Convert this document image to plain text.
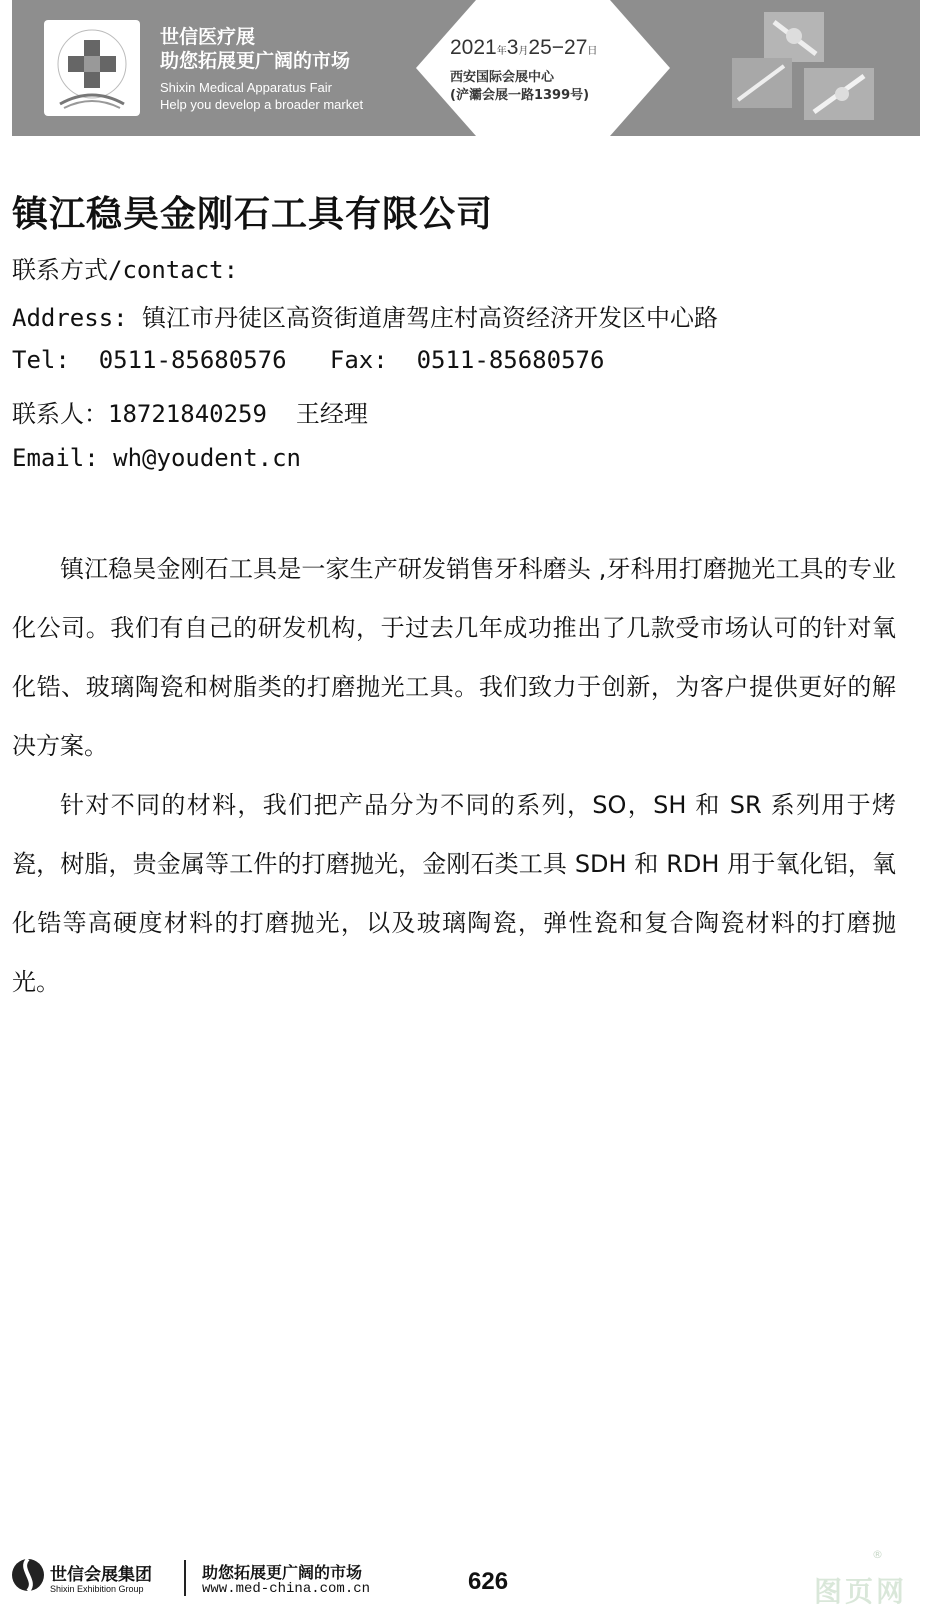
世信医疗展
助您拓展更广阔的市场
Shixin Medical Apparatus Fair
Help you develop a broader market
2021年3月25−27日
西安国际会展中心
(浐灞会展一路1399号)
镇江稳昊金刚石工具有限公司
联系方式/contact:
Address: 镇江市丹徒区高资街道唐驾庄村高资经济开发区中心路
Tel:  0511-85680576   Fax:  0511-85680576
联系人：18721840259  王经理
Email: wh@youdent.cn

镇江稳昊金刚石工具是一家生产研发销售牙科磨头 ,牙科用打磨抛光工具的专业化公司。我们有自己的研发机构，于过去几年成功推出了几款受市场认可的针对氧化锆、玻璃陶瓷和树脂类的打磨抛光工具。我们致力于创新，为客户提供更好的解决方案。

针对不同的材料，我们把产品分为不同的系列，SO，SH 和 SR 系列用于烤瓷，树脂，贵金属等工件的打磨抛光，金刚石类工具 SDH 和 RDH 用于氧化铝，氧化锆等高硬度材料的打磨抛光，以及玻璃陶瓷，弹性瓷和复合陶瓷材料的打磨抛光。

世信会展集团
Shixin Exhibition Group
助您拓展更广阔的市场
www.med-china.com.cn	626
®
图页网
